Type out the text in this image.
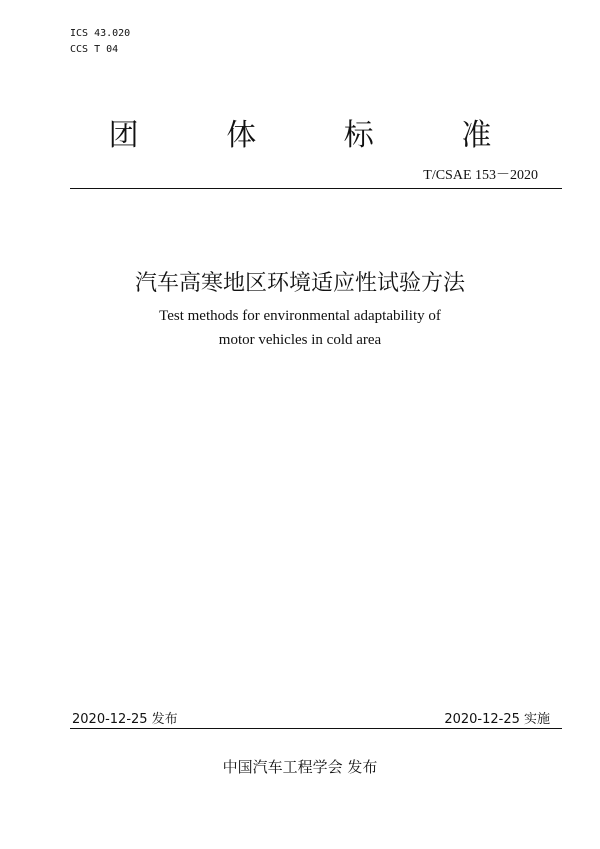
ICS 43.020
CCS T 04
团	体	标	准
T/CSAE 153－2020
汽车高寒地区环境适应性试验方法
Test methods for environmental adaptability of
motor vehicles in cold area
2020-12-25 发布	2020-12-25 实施
中国汽车工程学会 发布
